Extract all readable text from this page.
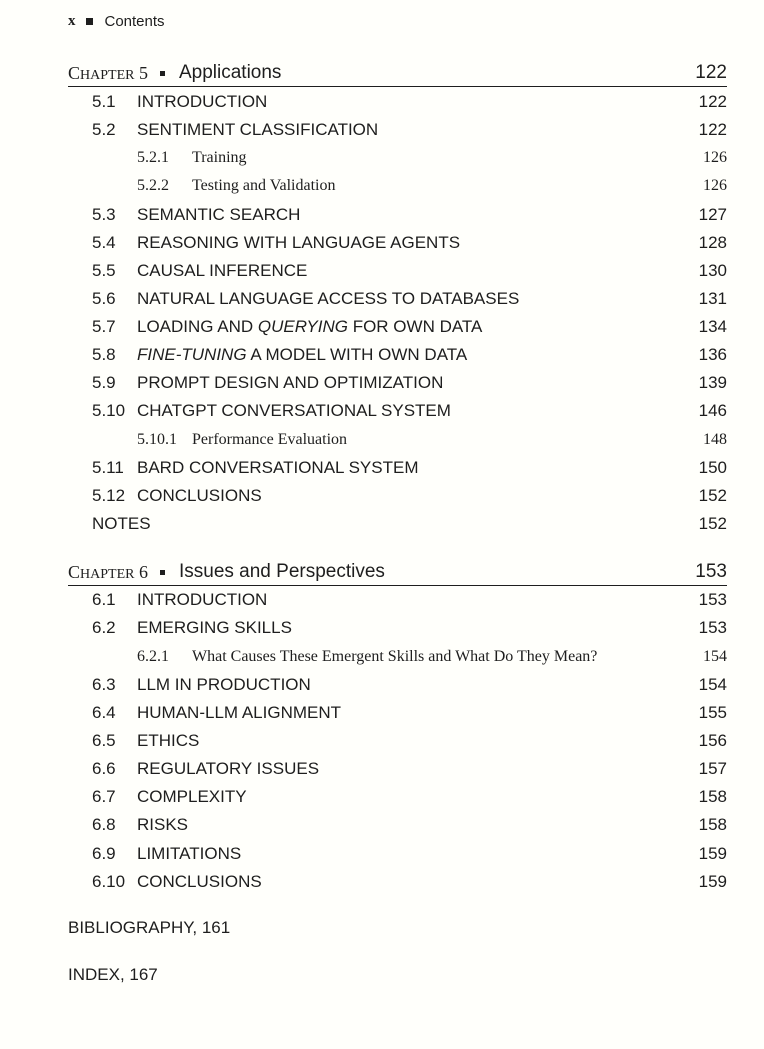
x Contents
CHAPTER 5 Applications	122
5.1	INTRODUCTION	122
5.2	SENTIMENT CLASSIFICATION	122
5.2.1	Training	126
5.2.2	Testing and Validation	126
5.3	SEMANTIC SEARCH	127
5.4	REASONING WITH LANGUAGE AGENTS	128
5.5	CAUSAL INFERENCE	130
5.6	NATURAL LANGUAGE ACCESS TO DATABASES	131
5.7	LOADING AND QUERYING FOR OWN DATA	134
5.8	FINE-TUNING A MODEL WITH OWN DATA	136
5.9	PROMPT DESIGN AND OPTIMIZATION	139
5.10 CHATGPT CONVERSATIONAL SYSTEM	146
5.10.1 Performance Evaluation	148
5.11 BARD CONVERSATIONAL SYSTEM	150
5.12 CONCLUSIONS	152
NOTES	152
CHAPTER 6 Issues and Perspectives	153
6.1	INTRODUCTION	153
6.2	EMERGING SKILLS	153
6.2.1	What Causes These Emergent Skills and What Do They Mean?	154
6.3	LLM IN PRODUCTION	154
6.4	HUMAN-LLM ALIGNMENT	155
6.5	ETHICS	156
6.6	REGULATORY ISSUES	157
6.7	COMPLEXITY	158
6.8	RISKS	158
6.9	LIMITATIONS	159
6.10 CONCLUSIONS	159
BIBLIOGRAPHY, 161
INDEX, 167
